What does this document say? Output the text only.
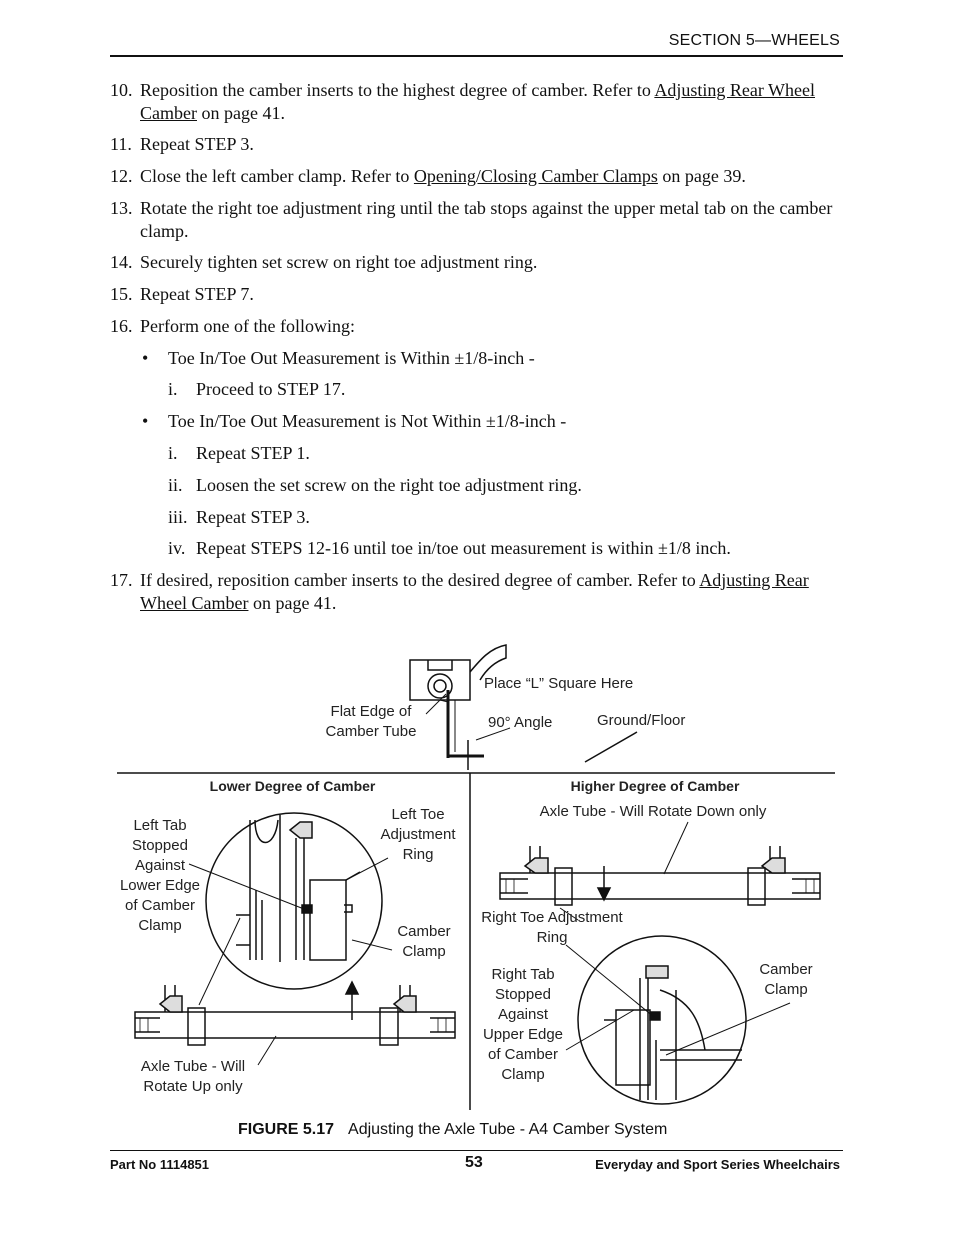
SECTION 5—WHEELS
10. Reposition the camber inserts to the highest degree of camber. Refer to Adjusting Rear Wheel Camber on page 41.
11. Repeat STEP 3.
12. Close the left camber clamp. Refer to Opening/Closing Camber Clamps on page 39.
13. Rotate the right toe adjustment ring until the tab stops against the upper metal tab on the camber clamp.
14. Securely tighten set screw on right toe adjustment ring.
15. Repeat STEP 7.
16. Perform one of the following:
• Toe In/Toe Out Measurement is Within ±1/8-inch -
i. Proceed to STEP 17.
• Toe In/Toe Out Measurement is Not Within ±1/8-inch -
i. Repeat STEP 1.
ii. Loosen the set screw on the right toe adjustment ring.
iii. Repeat STEP 3.
iv. Repeat STEPS 12-16 until toe in/toe out measurement is within ±1/8 inch.
17. If desired, reposition camber inserts to the desired degree of camber. Refer to Adjusting Rear Wheel Camber on page 41.
Place “L” Square Here
Flat Edge of
Camber Tube
90° Angle	Ground/Floor
Lower Degree of Camber	Higher Degree of Camber
Left Tab
Stopped
Against
Lower Edge
of Camber
Clamp
Left Toe
Adjustment
Ring
Camber
Clamp
Axle Tube - Will
Rotate Up only
Axle Tube - Will Rotate Down only
Right Toe Adjustment
Ring
Right Tab
Stopped
Against
Upper Edge
of Camber
Clamp
Camber
Clamp
FIGURE 5.17 Adjusting the Axle Tube - A4 Camber System
Part No 1114851	53	Everyday and Sport Series Wheelchairs
